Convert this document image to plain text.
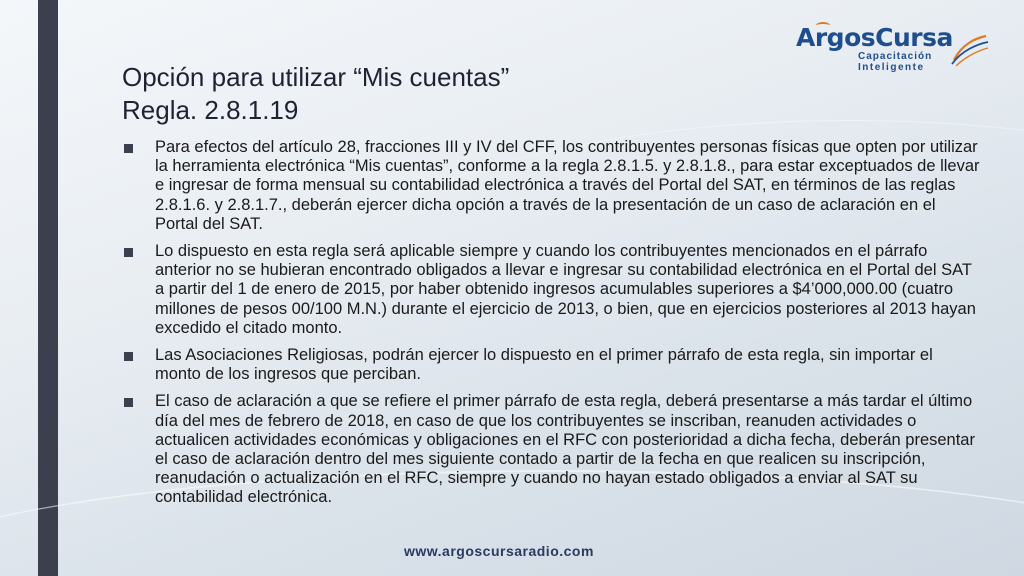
ArgosCursa
Capacitación
Inteligente
Opción para utilizar “Mis cuentas”
Regla. 2.8.1.19
Para efectos del artículo 28, fracciones III y IV del CFF, los contribuyentes personas físicas que opten por utilizar la herramienta electrónica “Mis cuentas”, conforme a la regla 2.8.1.5. y 2.8.1.8., para estar exceptuados de llevar e ingresar de forma mensual su contabilidad electrónica a través del Portal del SAT, en términos de las reglas 2.8.1.6. y 2.8.1.7., deberán ejercer dicha opción a través de la presentación de un caso de aclaración en el Portal del SAT.
Lo dispuesto en esta regla será aplicable siempre y cuando los contribuyentes mencionados en el párrafo anterior no se hubieran encontrado obligados a llevar e ingresar su contabilidad electrónica en el Portal del SAT a partir del 1 de enero de 2015, por haber obtenido ingresos acumulables superiores a $4’000,000.00 (cuatro millones de pesos 00/100 M.N.) durante el ejercicio de 2013, o bien, que en ejercicios posteriores al 2013 hayan excedido el citado monto.
Las Asociaciones Religiosas, podrán ejercer lo dispuesto en el primer párrafo de esta regla, sin importar el monto de los ingresos que perciban.
El caso de aclaración a que se refiere el primer párrafo de esta regla, deberá presentarse a más tardar el último día del mes de febrero de 2018, en caso de que los contribuyentes se inscriban, reanuden actividades o actualicen actividades económicas y obligaciones en el RFC con posterioridad a dicha fecha, deberán presentar el caso de aclaración dentro del mes siguiente contado a partir de la fecha en que realicen su inscripción, reanudación o actualización en el RFC, siempre y cuando no hayan estado obligados a enviar al SAT su contabilidad electrónica.
www.argoscursaradio.com
